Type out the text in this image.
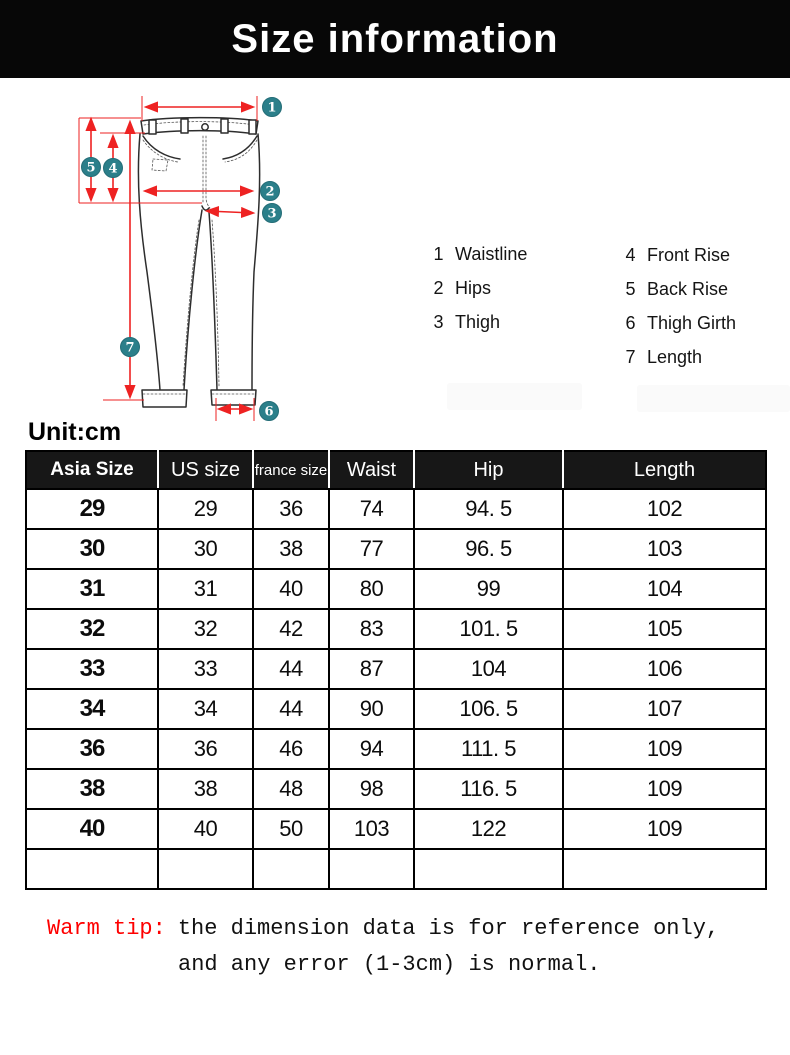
Size information
1
2
3
4
5
6
7
1 Waistline
2 Hips
3 Thigh
4 Front Rise
5 Back Rise
6 Thigh Girth
7 Length
Unit:cm
Asia Size	US size	france size	Waist	Hip	Length
29	29	36	74	94. 5	102
30	30	38	77	96. 5	103
31	31	40	80	99	104
32	32	42	83	101. 5	105
33	33	44	87	104	106
34	34	44	90	106. 5	107
36	36	46	94	111. 5	109
38	38	48	98	116. 5	109
40	40	50	103	122	109

Warm tip: the dimension data is for reference only,
and any error (1-3cm) is normal.
